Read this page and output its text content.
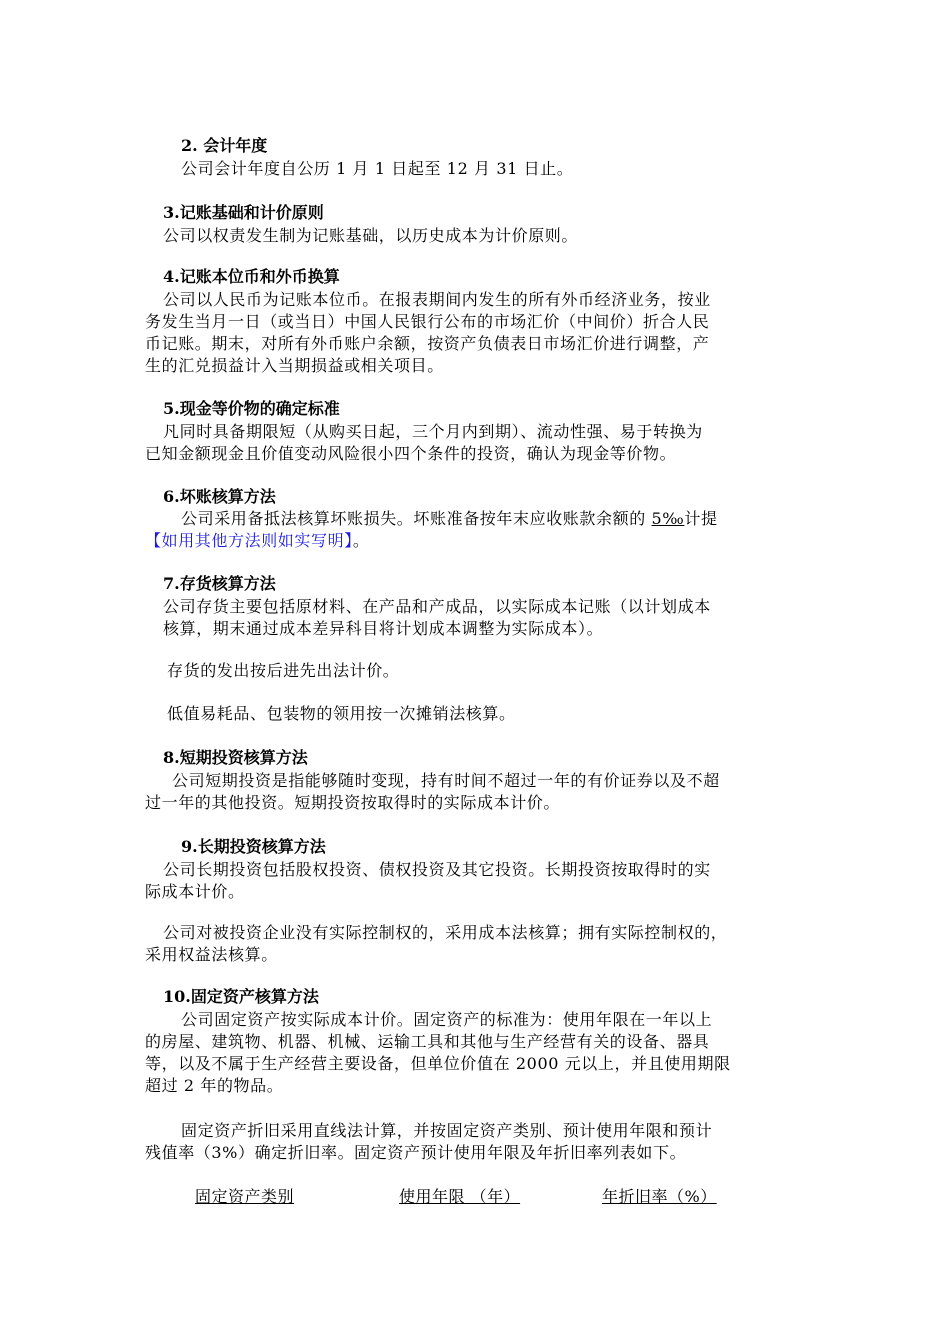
2. 会计年度
公司会计年度自公历 1 月 1 日起至 12 月 31 日止。
3.记账基础和计价原则
公司以权责发生制为记账基础，以历史成本为计价原则。
4.记账本位币和外币换算
公司以人民币为记账本位币。在报表期间内发生的所有外币经济业务，按业
务发生当月一日（或当日）中国人民银行公布的市场汇价（中间价）折合人民
币记账。期末，对所有外币账户余额，按资产负债表日市场汇价进行调整，产
生的汇兑损益计入当期损益或相关项目。
5.现金等价物的确定标准
凡同时具备期限短（从购买日起，三个月内到期）、流动性强、易于转换为
已知金额现金且价值变动风险很小四个条件的投资，确认为现金等价物。
6.坏账核算方法
公司采用备抵法核算坏账损失。坏账准备按年末应收账款余额的 5‰计提
【如用其他方法则如实写明】。
7.存货核算方法
公司存货主要包括原材料、在产品和产成品，以实际成本记账（以计划成本
核算，期末通过成本差异科目将计划成本调整为实际成本）。
存货的发出按后进先出法计价。
低值易耗品、包装物的领用按一次摊销法核算。
8.短期投资核算方法
公司短期投资是指能够随时变现，持有时间不超过一年的有价证券以及不超
过一年的其他投资。短期投资按取得时的实际成本计价。
9.长期投资核算方法
公司长期投资包括股权投资、债权投资及其它投资。长期投资按取得时的实
际成本计价。
公司对被投资企业没有实际控制权的，采用成本法核算；拥有实际控制权的，
采用权益法核算。
10.固定资产核算方法
公司固定资产按实际成本计价。固定资产的标准为：使用年限在一年以上
的房屋、建筑物、机器、机械、运输工具和其他与生产经营有关的设备、器具
等，以及不属于生产经营主要设备，但单位价值在 2000 元以上，并且使用期限
超过 2 年的物品。
固定资产折旧采用直线法计算，并按固定资产类别、预计使用年限和预计
残值率（3%）确定折旧率。固定资产预计使用年限及年折旧率列表如下。
固定资产类别	使用年限 （年）	年折旧率（%）
